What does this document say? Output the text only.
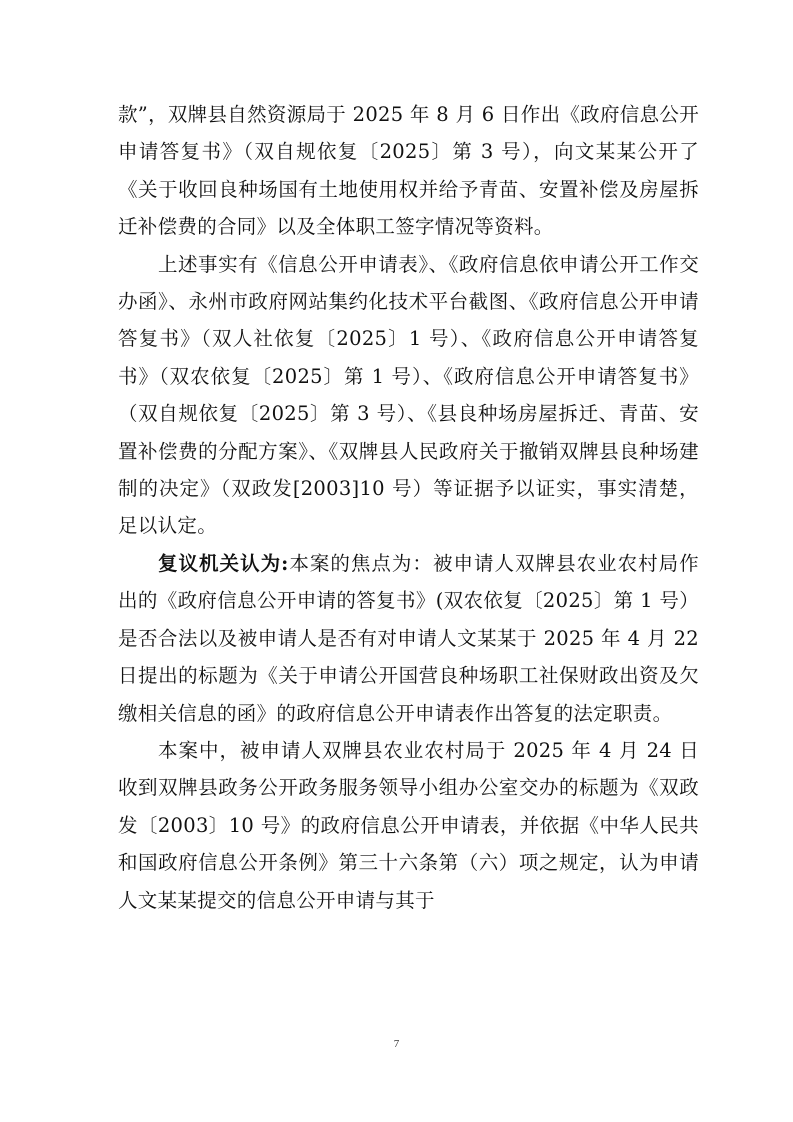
款”，双牌县自然资源局于 2025 年 8 月 6 日作出《政府信息公开申请答复书》（双自规依复〔2025〕第 3 号），向文某某公开了《关于收回良种场国有土地使用权并给予青苗、安置补偿及房屋拆迁补偿费的合同》以及全体职工签字情况等资料。

上述事实有《信息公开申请表》、《政府信息依申请公开工作交办函》、永州市政府网站集约化技术平台截图、《政府信息公开申请答复书》（双人社依复〔2025〕1 号）、《政府信息公开申请答复书》（双农依复〔2025〕第 1 号）、《政府信息公开申请答复书》（双自规依复〔2025〕第 3 号）、《县良种场房屋拆迁、青苗、安置补偿费的分配方案》、《双牌县人民政府关于撤销双牌县良种场建制的决定》（双政发[2003]10 号）等证据予以证实，事实清楚，足以认定。

复议机关认为:本案的焦点为：被申请人双牌县农业农村局作出的《政府信息公开申请的答复书》(双农依复〔2025〕第 1 号）是否合法以及被申请人是否有对申请人文某某于 2025 年 4 月 22 日提出的标题为《关于申请公开国营良种场职工社保财政出资及欠缴相关信息的函》的政府信息公开申请表作出答复的法定职责。

本案中，被申请人双牌县农业农村局于 2025 年 4 月 24 日收到双牌县政务公开政务服务领导小组办公室交办的标题为《双政发〔2003〕10 号》的政府信息公开申请表，并依据《中华人民共和国政府信息公开条例》第三十六条第（六）项之规定，认为申请人文某某提交的信息公开申请与其于

7
